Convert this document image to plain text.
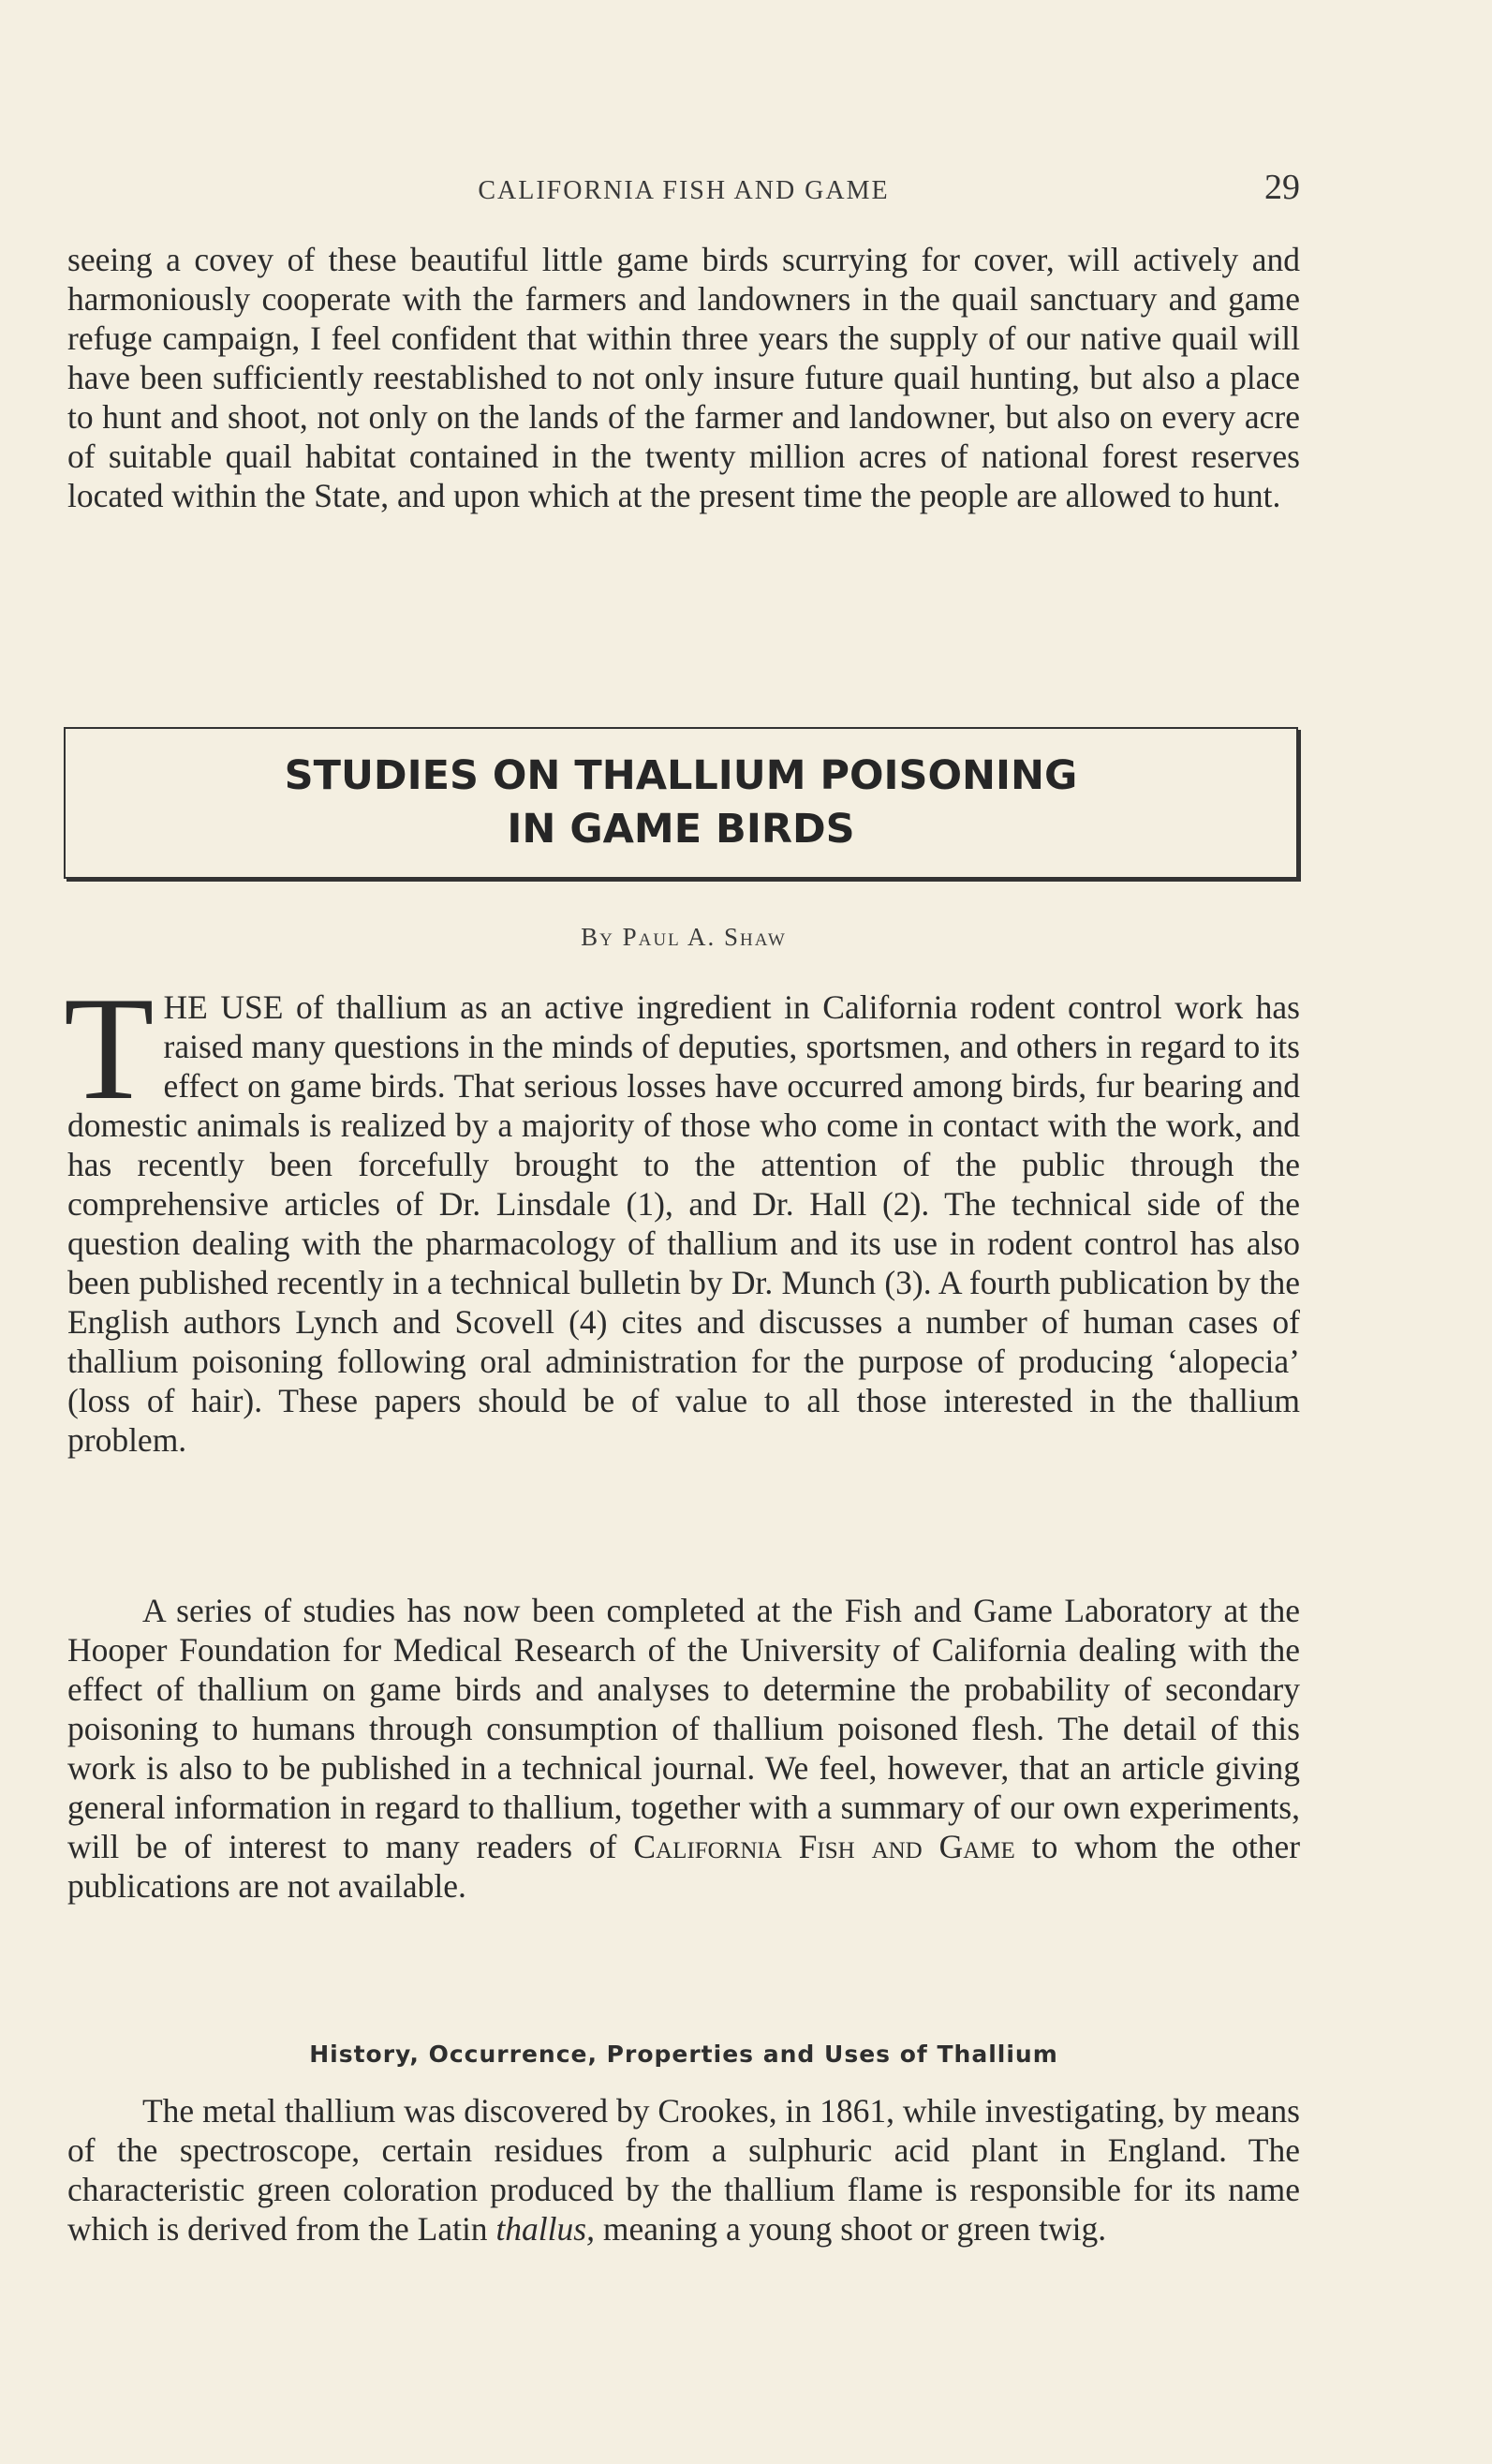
CALIFORNIA FISH AND GAME	29

seeing a covey of these beautiful little game birds scurrying for cover, will actively and harmoniously cooperate with the farmers and landowners in the quail sanctuary and game refuge campaign, I feel confident that within three years the supply of our native quail will have been sufficiently reestablished to not only insure future quail hunting, but also a place to hunt and shoot, not only on the lands of the farmer and landowner, but also on every acre of suitable quail habitat contained in the twenty million acres of national forest reserves located within the State, and upon which at the present time the people are allowed to hunt.

STUDIES ON THALLIUM POISONING IN GAME BIRDS
By Paul A. Shaw

THE USE of thallium as an active ingredient in California rodent control work has raised many questions in the minds of deputies, sportsmen, and others in regard to its effect on game birds. That serious losses have occurred among birds, fur bearing and domestic animals is realized by a majority of those who come in contact with the work, and has recently been forcefully brought to the attention of the public through the comprehensive articles of Dr. Linsdale (1), and Dr. Hall (2). The technical side of the question dealing with the pharmacology of thallium and its use in rodent control has also been published recently in a technical bulletin by Dr. Munch (3). A fourth publication by the English authors Lynch and Scovell (4) cites and discusses a number of human cases of thallium poisoning following oral administration for the purpose of producing ‘alopecia’ (loss of hair). These papers should be of value to all those interested in the thallium problem.

A series of studies has now been completed at the Fish and Game Laboratory at the Hooper Foundation for Medical Research of the University of California dealing with the effect of thallium on game birds and analyses to determine the probability of secondary poisoning to humans through consumption of thallium poisoned flesh. The detail of this work is also to be published in a technical journal. We feel, however, that an article giving general information in regard to thallium, together with a summary of our own experiments, will be of interest to many readers of California Fish and Game to whom the other publications are not available.

History, Occurrence, Properties and Uses of Thallium

The metal thallium was discovered by Crookes, in 1861, while investigating, by means of the spectroscope, certain residues from a sulphuric acid plant in England. The characteristic green coloration produced by the thallium flame is responsible for its name which is derived from the Latin thallus, meaning a young shoot or green twig.
